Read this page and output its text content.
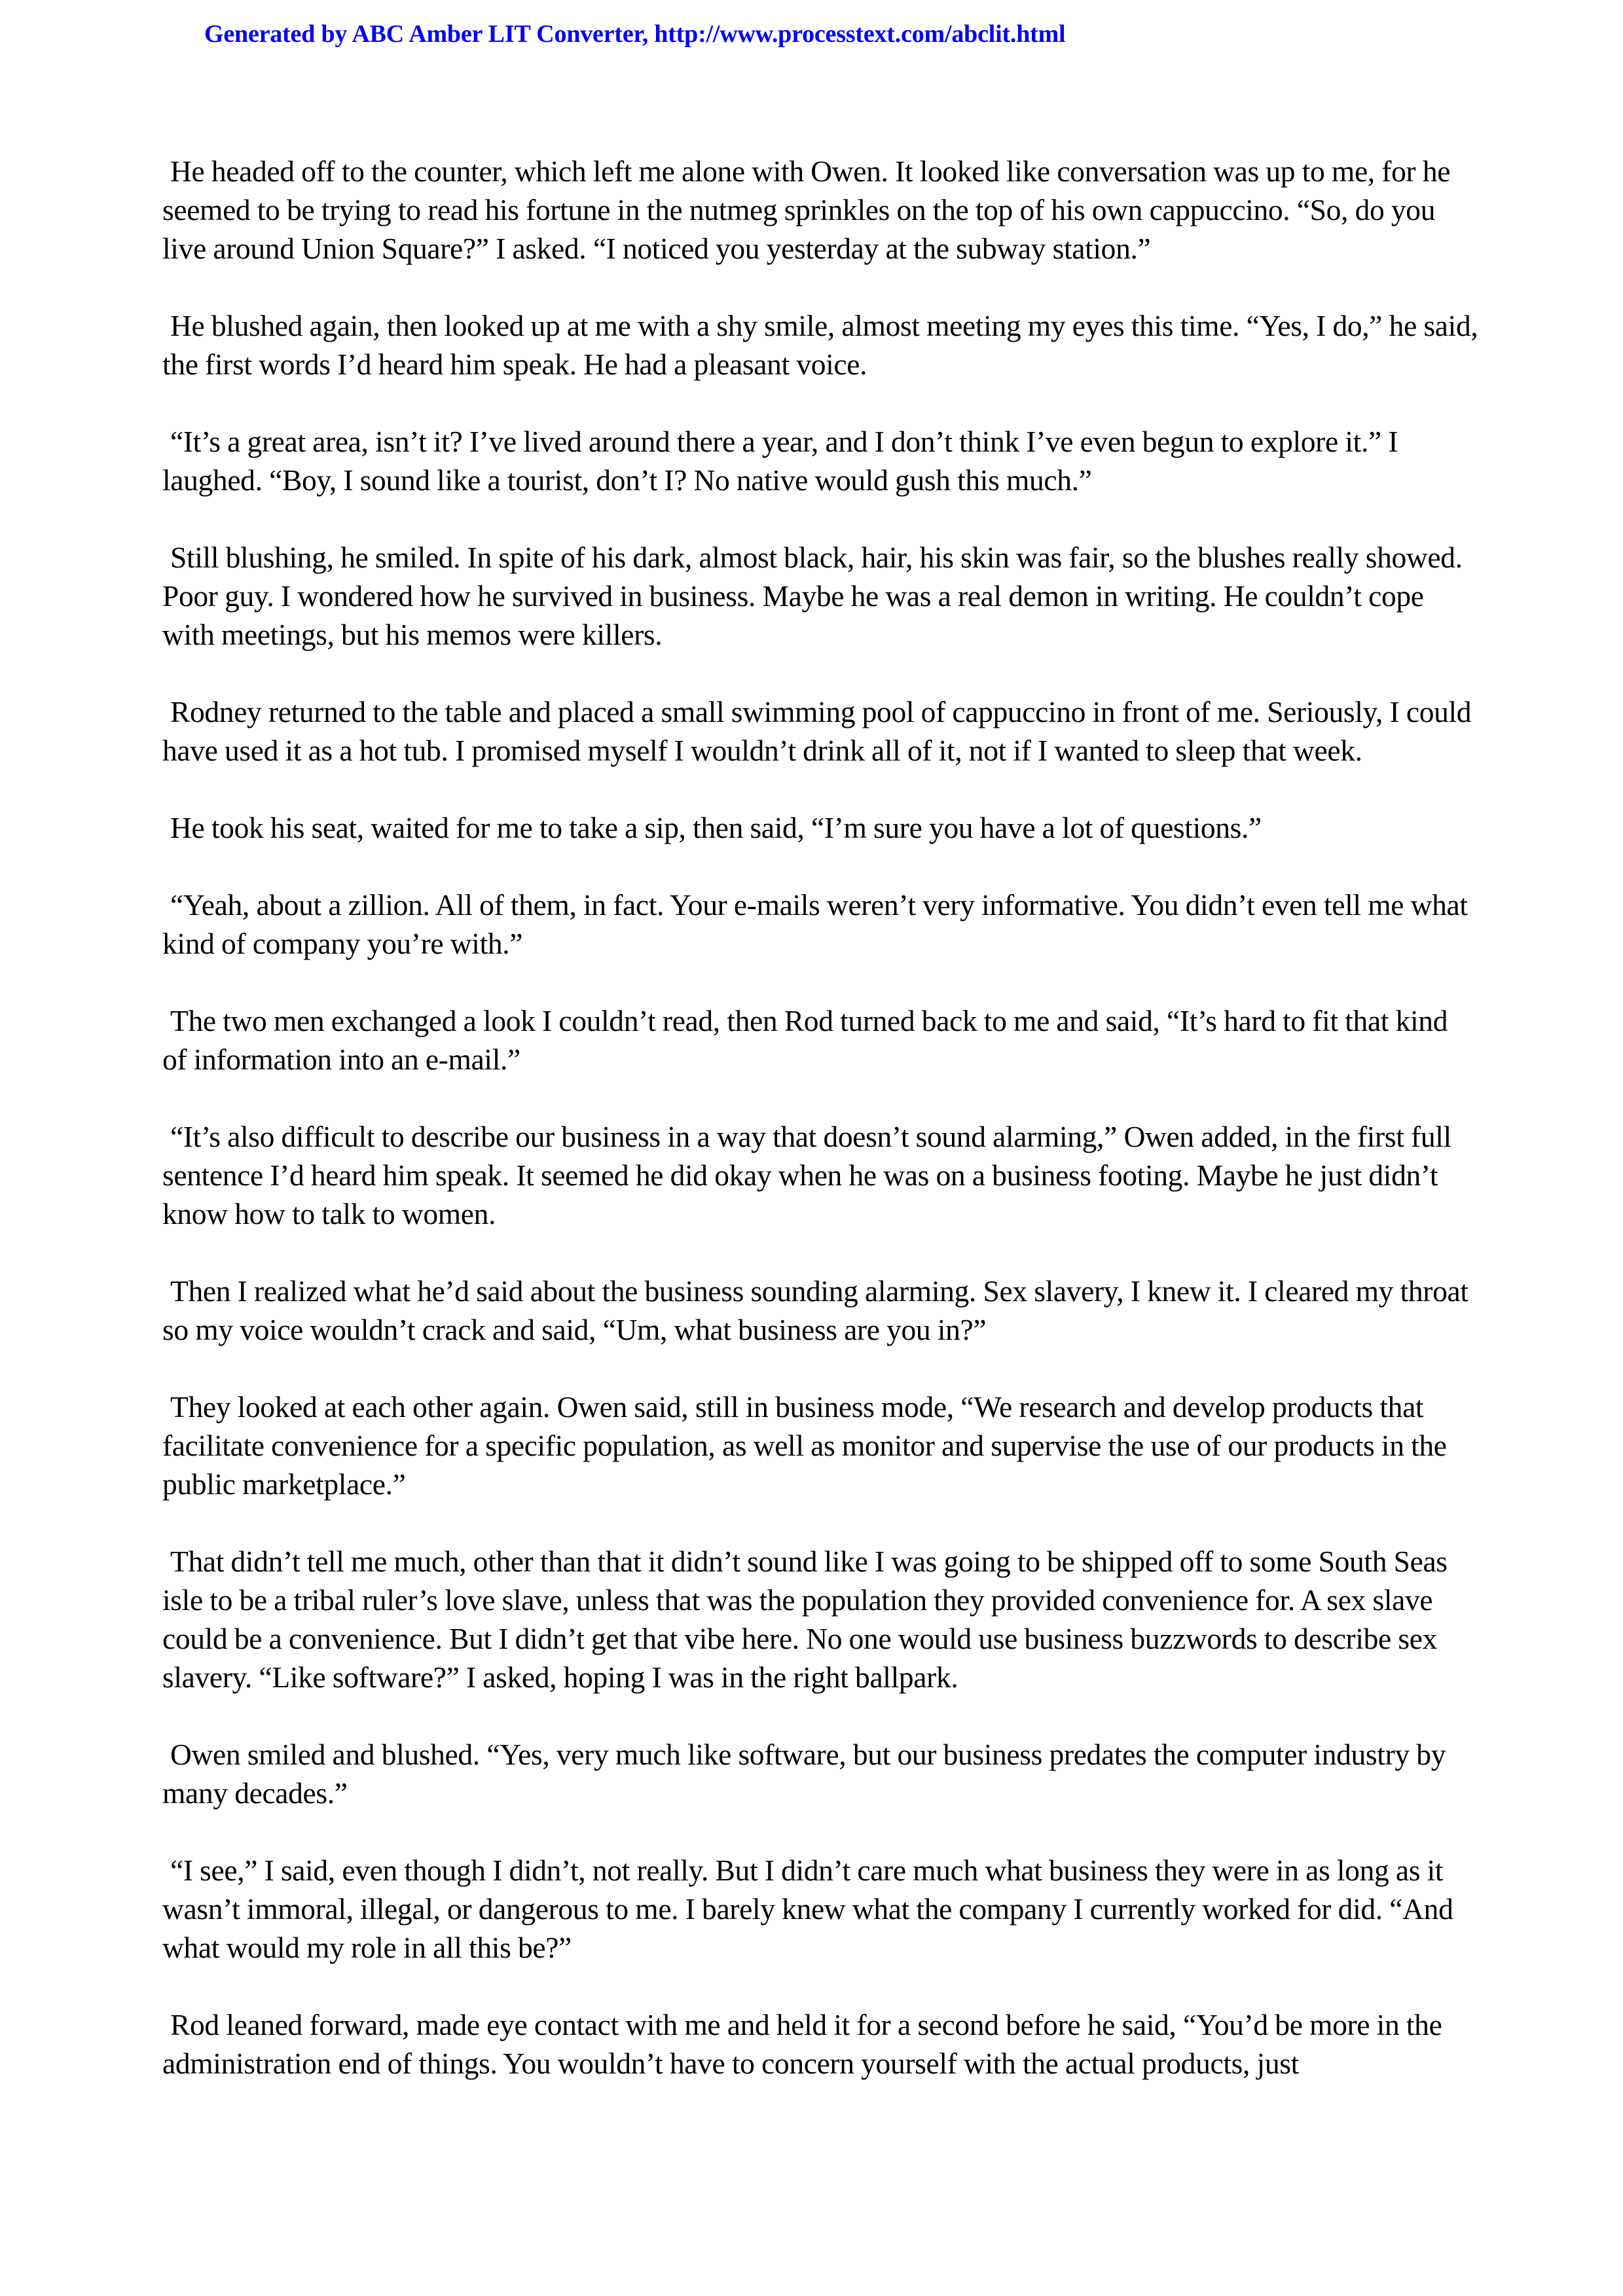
Generated by ABC Amber LIT Converter, http://www.processtext.com/abclit.html

He headed off to the counter, which left me alone with Owen. It looked like conversation was up to me, for he seemed to be trying to read his fortune in the nutmeg sprinkles on the top of his own cappuccino. “So, do you live around Union Square?” I asked. “I noticed you yesterday at the subway station.”

He blushed again, then looked up at me with a shy smile, almost meeting my eyes this time. “Yes, I do,” he said, the first words I’d heard him speak. He had a pleasant voice.

“It’s a great area, isn’t it? I’ve lived around there a year, and I don’t think I’ve even begun to explore it.” I laughed. “Boy, I sound like a tourist, don’t I? No native would gush this much.”

Still blushing, he smiled. In spite of his dark, almost black, hair, his skin was fair, so the blushes really showed. Poor guy. I wondered how he survived in business. Maybe he was a real demon in writing. He couldn’t cope with meetings, but his memos were killers.

Rodney returned to the table and placed a small swimming pool of cappuccino in front of me. Seriously, I could have used it as a hot tub. I promised myself I wouldn’t drink all of it, not if I wanted to sleep that week.

He took his seat, waited for me to take a sip, then said, “I’m sure you have a lot of questions.”

“Yeah, about a zillion. All of them, in fact. Your e-mails weren’t very informative. You didn’t even tell me what kind of company you’re with.”

The two men exchanged a look I couldn’t read, then Rod turned back to me and said, “It’s hard to fit that kind of information into an e-mail.”

“It’s also difficult to describe our business in a way that doesn’t sound alarming,” Owen added, in the first full sentence I’d heard him speak. It seemed he did okay when he was on a business footing. Maybe he just didn’t know how to talk to women.

Then I realized what he’d said about the business sounding alarming. Sex slavery, I knew it. I cleared my throat so my voice wouldn’t crack and said, “Um, what business are you in?”

They looked at each other again. Owen said, still in business mode, “We research and develop products that facilitate convenience for a specific population, as well as monitor and supervise the use of our products in the public marketplace.”

That didn’t tell me much, other than that it didn’t sound like I was going to be shipped off to some South Seas isle to be a tribal ruler’s love slave, unless that was the population they provided convenience for. A sex slave could be a convenience. But I didn’t get that vibe here. No one would use business buzzwords to describe sex slavery. “Like software?” I asked, hoping I was in the right ballpark.

Owen smiled and blushed. “Yes, very much like software, but our business predates the computer industry by many decades.”

“I see,” I said, even though I didn’t, not really. But I didn’t care much what business they were in as long as it wasn’t immoral, illegal, or dangerous to me. I barely knew what the company I currently worked for did. “And what would my role in all this be?”

Rod leaned forward, made eye contact with me and held it for a second before he said, “You’d be more in the administration end of things. You wouldn’t have to concern yourself with the actual products, just
